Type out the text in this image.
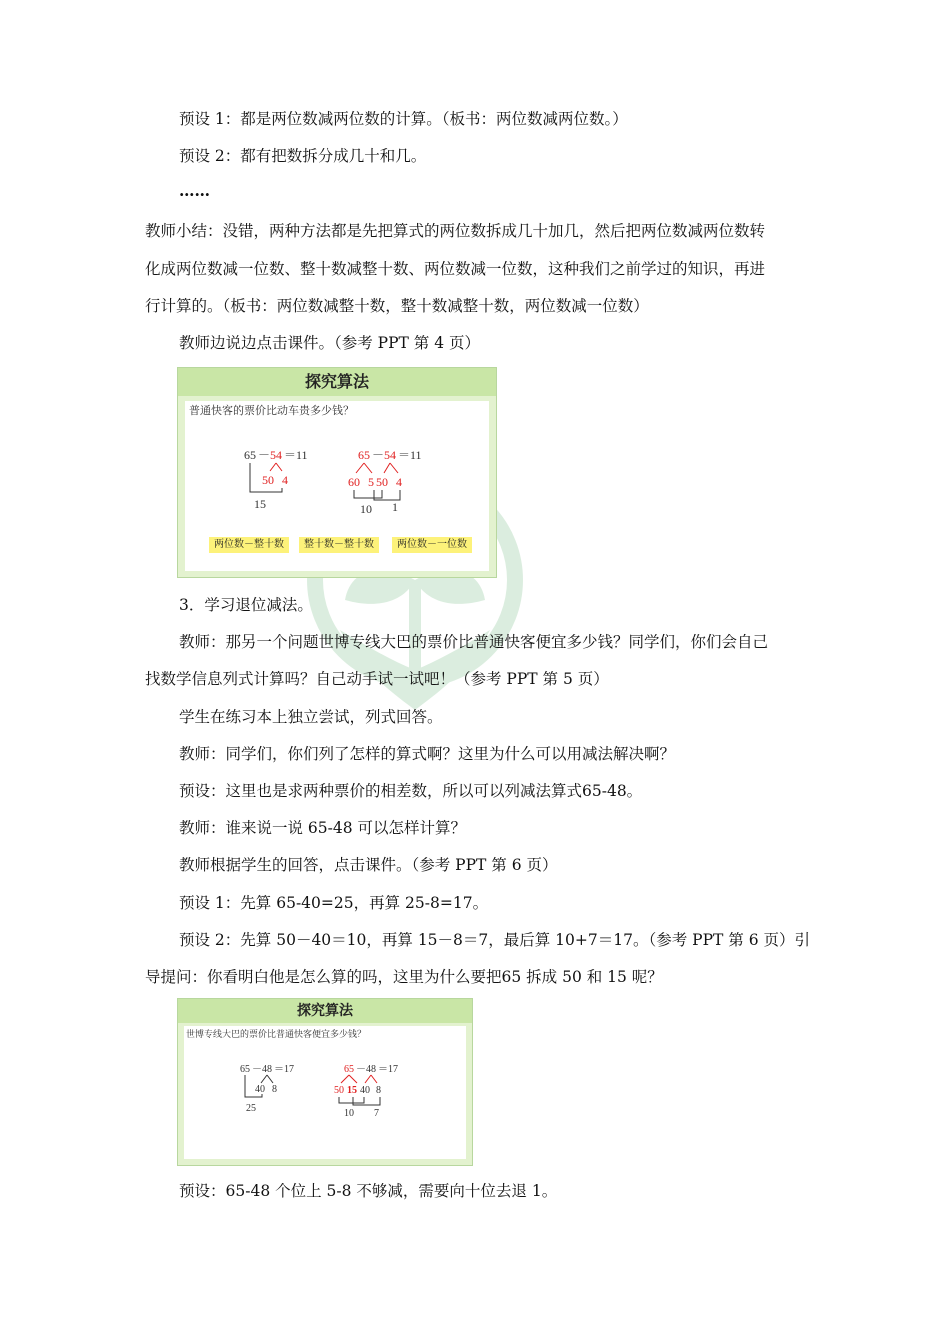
预设 1：都是两位数减两位数的计算。（板书：两位数减两位数。）
预设 2：都有把数拆分成几十和几。
……
教师小结：没错，两种方法都是先把算式的两位数拆成几十加几，然后把两位数减两位数转
化成两位数减一位数、整十数减整十数、两位数减一位数，这种我们之前学过的知识，再进
行计算的。（板书：两位数减整十数，整十数减整十数，两位数减一位数）
教师边说边点击课件。（参考 PPT 第 4 页）
探究算法
普通快客的票价比动车贵多少钱？
65 － 54 ＝11
50 4
15
65 － 54 ＝11
60 5 50 4
10 1
两位数－整十数	整十数－整十数	两位数－一位数
3．学习退位减法。
教师：那另一个问题世博专线大巴的票价比普通快客便宜多少钱？同学们，你们会自己
找数学信息列式计算吗？自己动手试一试吧！（参考 PPT 第 5 页）
学生在练习本上独立尝试，列式回答。
教师：同学们，你们列了怎样的算式啊？这里为什么可以用减法解决啊？
预设：这里也是求两种票价的相差数，所以可以列减法算式65-48。
教师：谁来说一说 65-48 可以怎样计算？
教师根据学生的回答，点击课件。（参考 PPT 第 6 页）
预设 1：先算 65-40=25，再算 25-8=17。
预设 2：先算 50－40＝10，再算 15－8＝7，最后算 10+7＝17。（参考 PPT 第 6 页）引
导提问：你看明白他是怎么算的吗，这里为什么要把65 拆成 50 和 15 呢？
探究算法
世博专线大巴的票价比普通快客便宜多少钱？
65 － 48 ＝17
40 8
25
65 － 48 ＝17
50 15 40 8
10 7
预设：65-48 个位上 5-8 不够减，需要向十位去退 1。
